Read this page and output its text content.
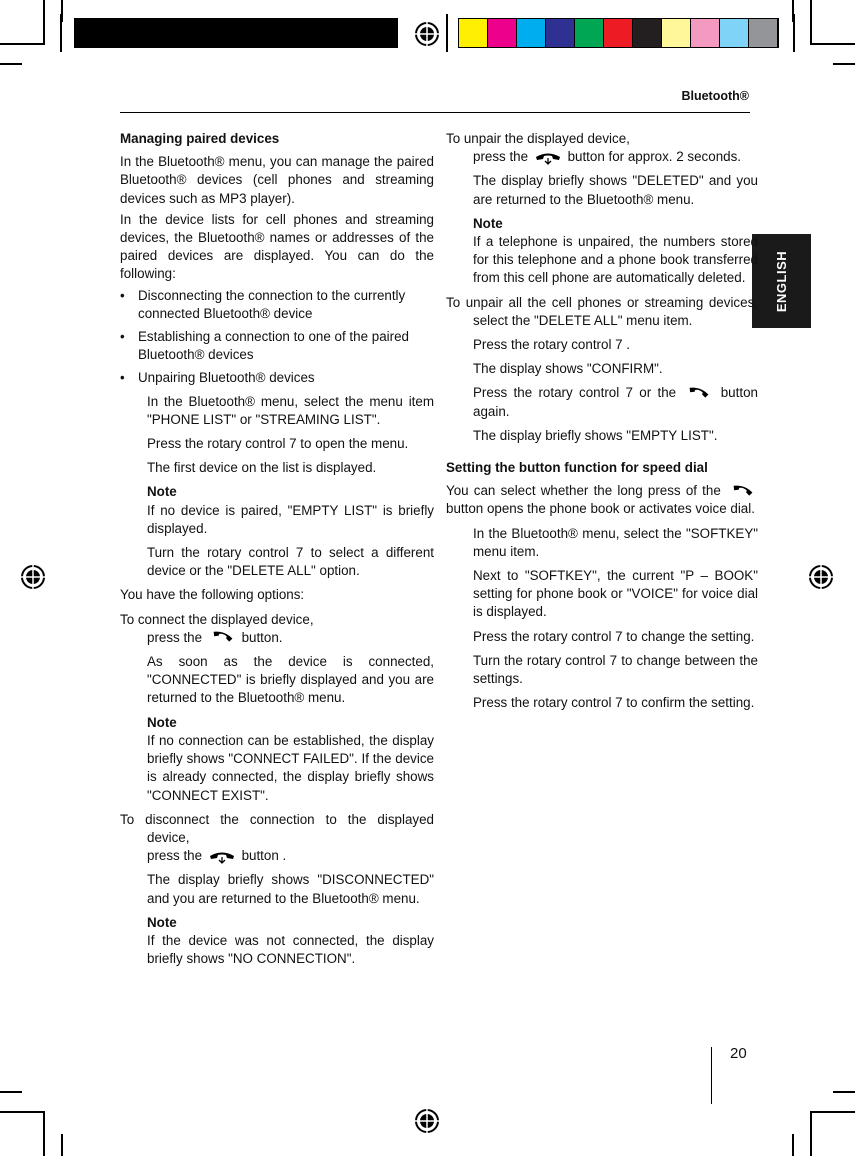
Bluetooth®
ENGLISH
Managing paired devices
In the Bluetooth® menu, you can manage the paired Bluetooth® devices (cell phones and streaming devices such as MP3 player).
In the device lists for cell phones and streaming devices, the Bluetooth® names or addresses of the paired devices are displayed. You can do the following:
• Disconnecting the connection to the currently connected Bluetooth® device
• Establishing a connection to one of the paired Bluetooth® devices
• Unpairing Bluetooth® devices
In the Bluetooth® menu, select the menu item "PHONE LIST" or "STREAMING LIST".
Press the rotary control 7 to open the menu.
The first device on the list is displayed.
Note
If no device is paired, "EMPTY LIST" is briefly displayed.
Turn the rotary control 7 to select a different device or the "DELETE ALL" option.
You have the following options:
To connect the displayed device,
press the	button.
As soon as the device is connected, "CONNECTED" is briefly displayed and you are returned to the Bluetooth® menu.
Note
If no connection can be established, the display briefly shows "CONNECT FAILED". If the device is already connected, the display briefly shows "CONNECT EXIST".
To disconnect the connection to the displayed device,
press the	button .
The display briefly shows "DISCONNECTED" and you are returned to the Bluetooth® menu.
Note
If the device was not connected, the display briefly shows "NO CONNECTION".
To unpair the displayed device,
press the	button for approx. 2 seconds.
The display briefly shows "DELETED" and you are returned to the Bluetooth® menu.
Note
If a telephone is unpaired, the numbers stored for this telephone and a phone book transferred from this cell phone are automatically deleted.
To unpair all the cell phones or streaming devices, select the "DELETE ALL" menu item.
Press the rotary control 7 .
The display shows "CONFIRM".
Press the rotary control 7 or the	button again.
The display briefly shows "EMPTY LIST".
Setting the button function for speed dial
You can select whether the long press of the  button opens the phone book or activates voice dial.
In the Bluetooth® menu, select the "SOFTKEY" menu item.
Next to "SOFTKEY", the current "P – BOOK" setting for phone book or "VOICE" for voice dial is displayed.
Press the rotary control 7 to change the setting.
Turn the rotary control 7 to change between the settings.
Press the rotary control 7 to confirm the setting.
20
